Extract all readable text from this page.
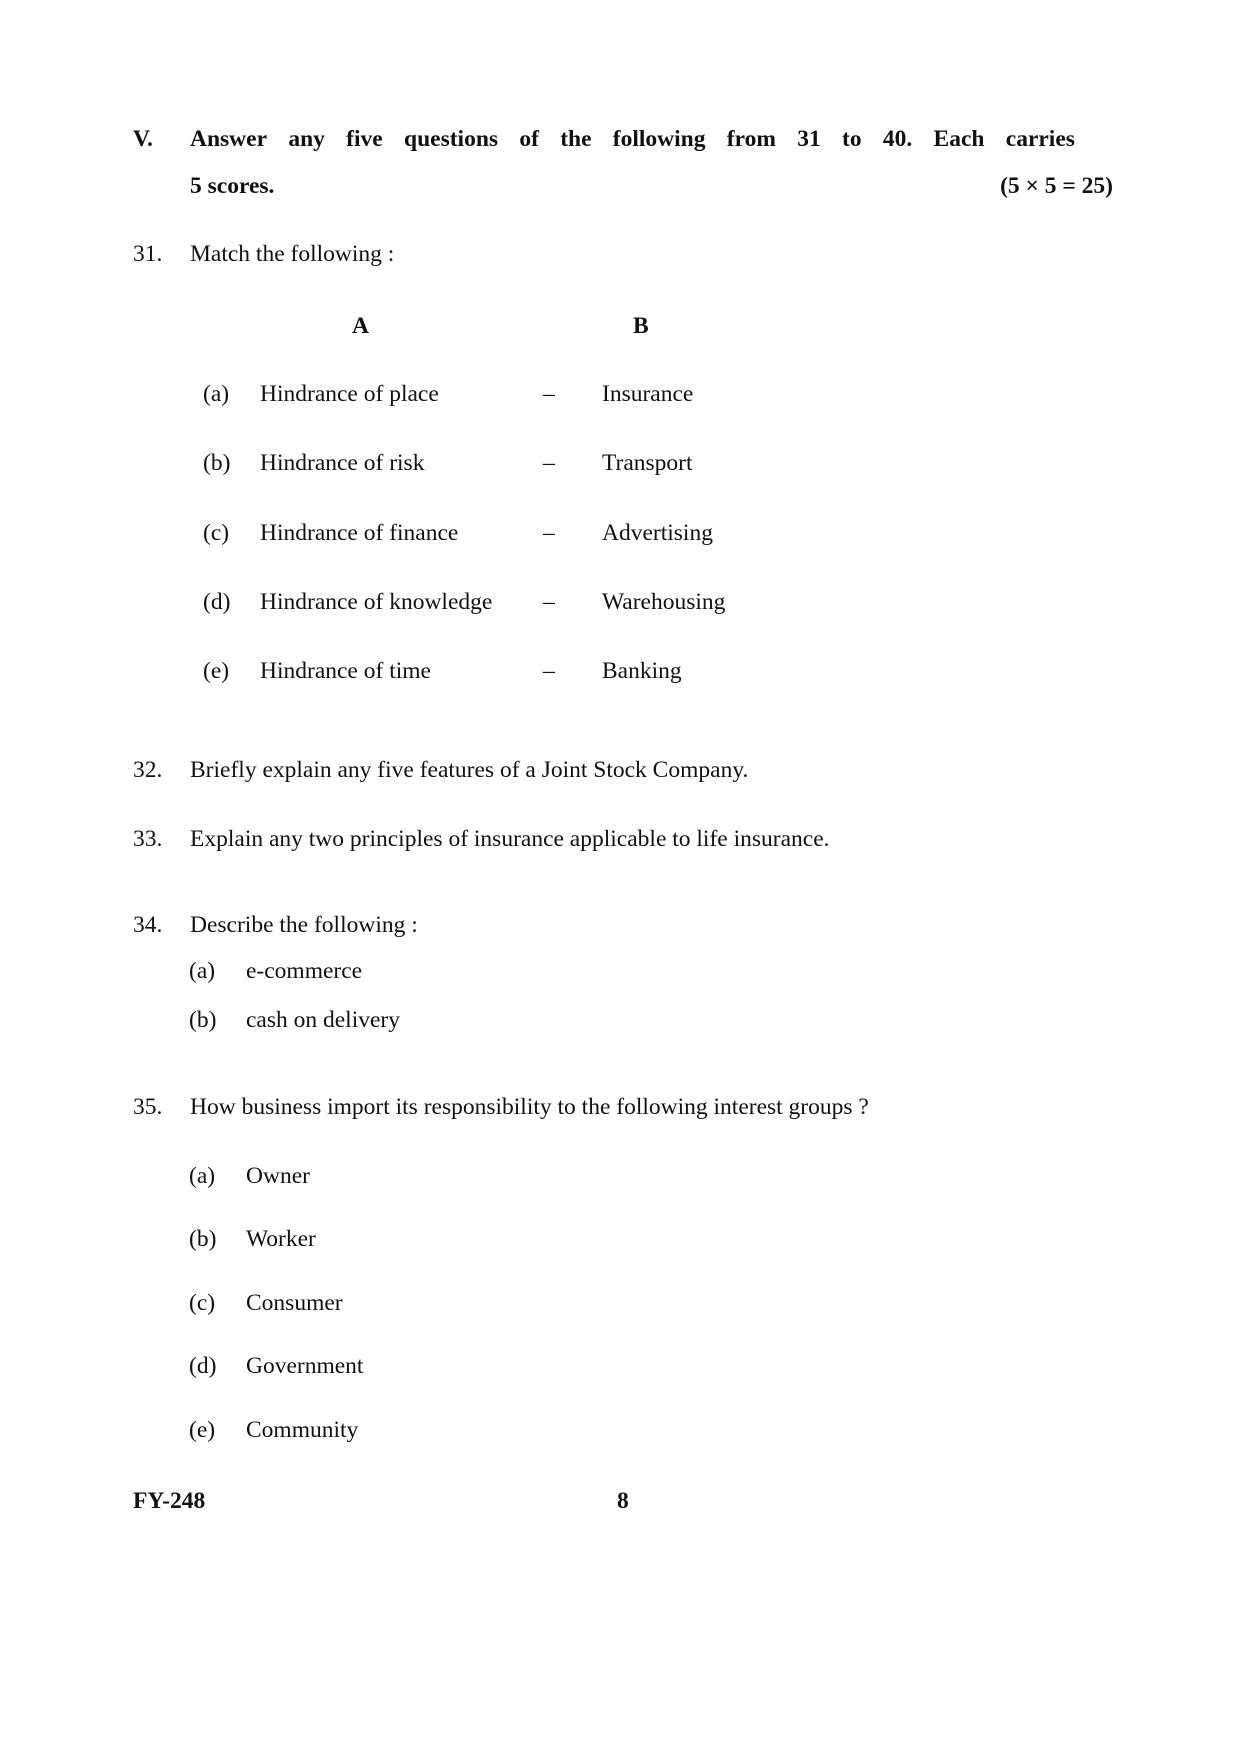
V. Answer any five questions of the following from 31 to 40. Each carries
5 scores.	(5 × 5 = 25)
31. Match the following :
A	B
(a) Hindrance of place	– Insurance
(b) Hindrance of risk	– Transport
(c) Hindrance of finance	– Advertising
(d) Hindrance of knowledge – Warehousing
(e) Hindrance of time	– Banking
32. Briefly explain any five features of a Joint Stock Company.
33. Explain any two principles of insurance applicable to life insurance.
34. Describe the following :
(a) e-commerce
(b) cash on delivery
35. How business import its responsibility to the following interest groups ?
(a) Owner
(b) Worker
(c) Consumer
(d) Government
(e) Community
FY-248	8
